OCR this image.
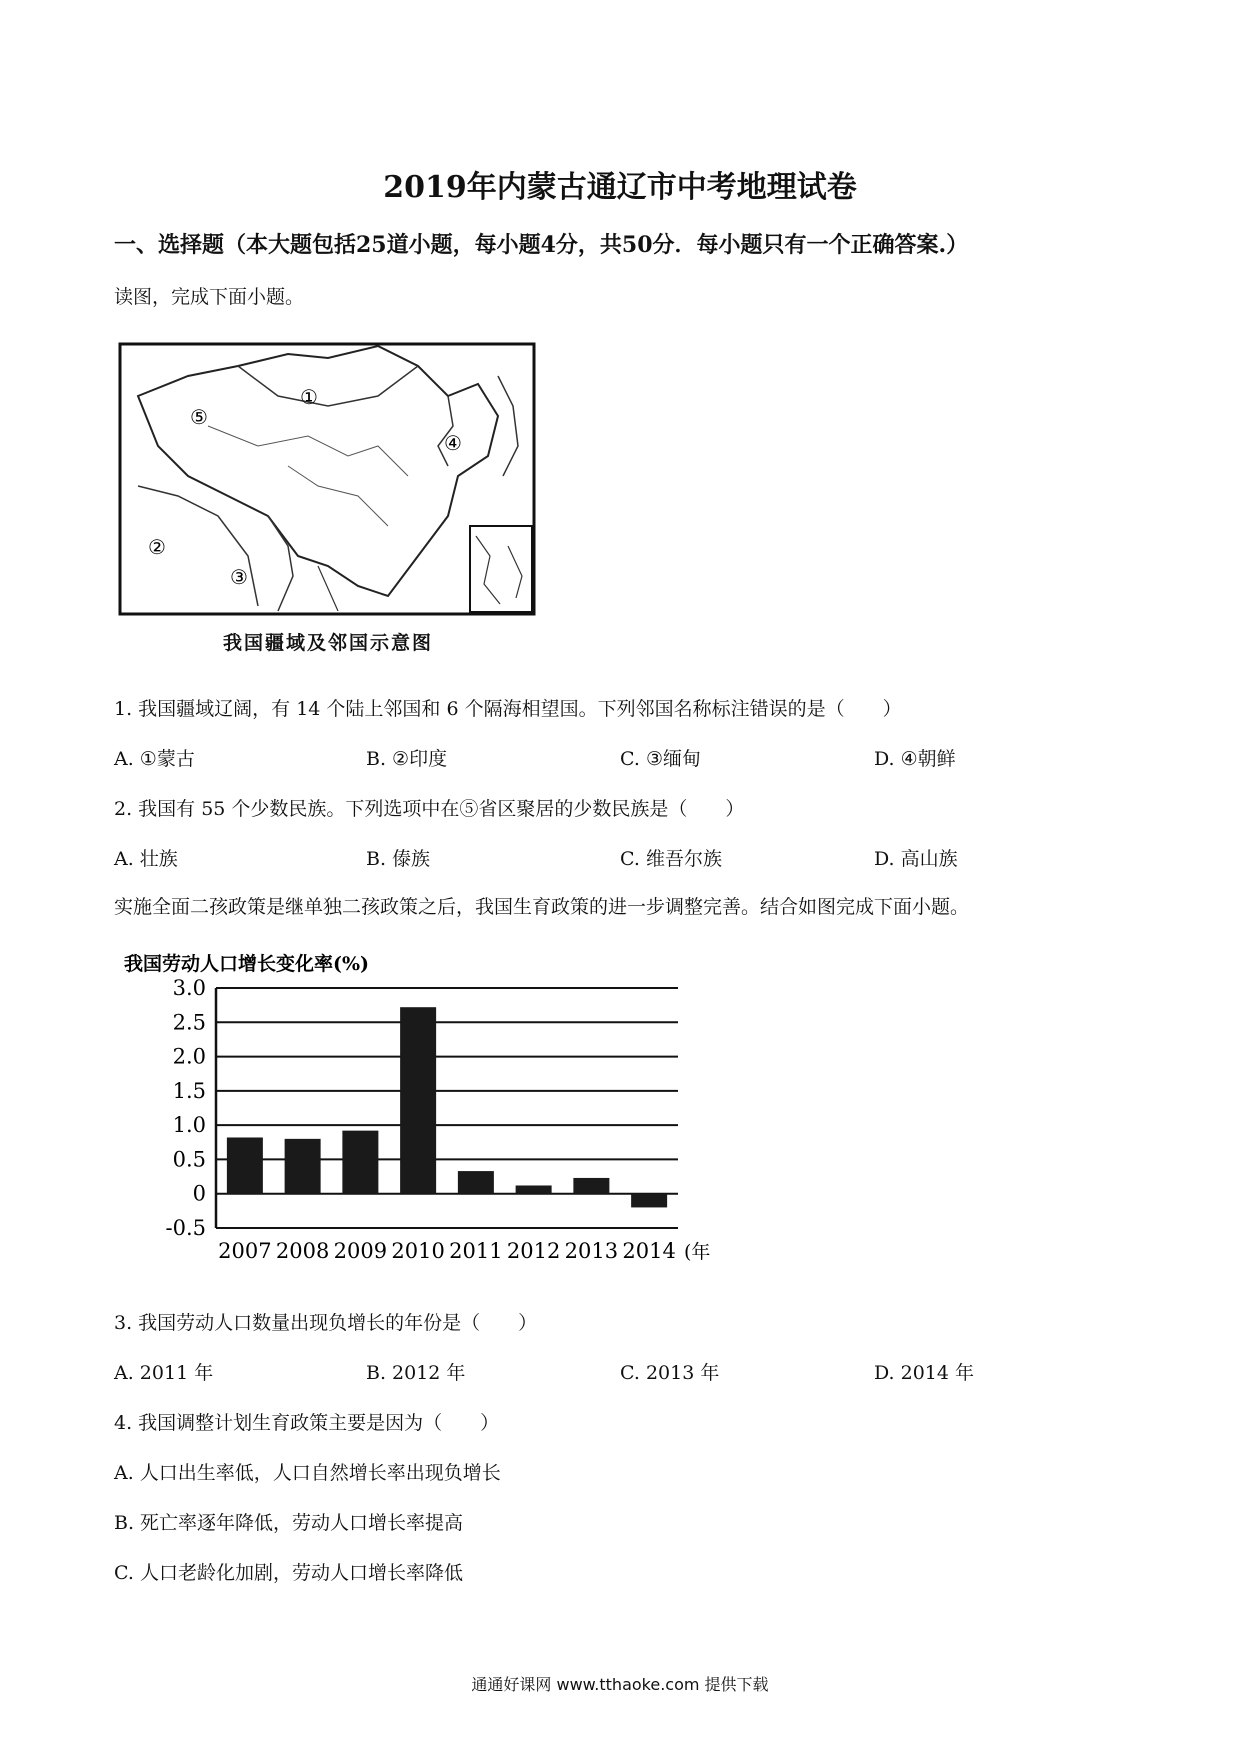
2019年内蒙古通辽市中考地理试卷
一、选择题（本大题包括25道小题，每小题4分，共50分．每小题只有一个正确答案.）
读图，完成下面小题。
①
②
③
④
⑤
我国疆域及邻国示意图
1. 我国疆域辽阔，有 14 个陆上邻国和 6 个隔海相望国。下列邻国名称标注错误的是（　　）
A. ①蒙古	B. ②印度	C. ③缅甸	D. ④朝鲜
2. 我国有 55 个少数民族。下列选项中在⑤省区聚居的少数民族是（　　）
A. 壮族	B. 傣族	C. 维吾尔族	D. 高山族
实施全面二孩政策是继单独二孩政策之后，我国生育政策的进一步调整完善。结合如图完成下面小题。
我国劳动人口增长变化率(%)
3.0
2.5
2.0
1.5
1.0
0.5
0
-0.5
2007 2008 2009 2010 2011 2012 2013 2014 (年
3. 我国劳动人口数量出现负增长的年份是（　　）
A. 2011 年	B. 2012 年	C. 2013 年	D. 2014 年
4. 我国调整计划生育政策主要是因为（　　）
A. 人口出生率低，人口自然增长率出现负增长
B. 死亡率逐年降低，劳动人口增长率提高
C. 人口老龄化加剧，劳动人口增长率降低
通通好课网 www.tthaoke.com 提供下载
